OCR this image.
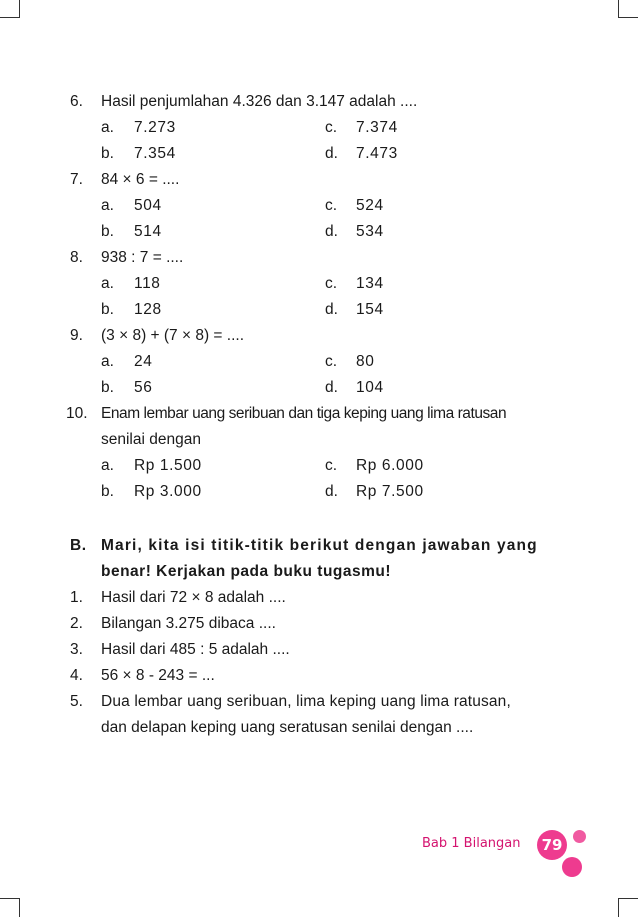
6. Hasil penjumlahan 4.326 dan 3.147 adalah ....
a. 7.273	c. 7.374
b. 7.354	d. 7.473
7. 84 × 6 = ....
a. 504	c. 524
b. 514	d. 534
8. 938 : 7 = ....
a. 118	c. 134
b. 128	d. 154
9. (3 × 8) + (7 × 8) = ....
a. 24	c. 80
b. 56	d. 104
10. Enam lembar uang seribuan dan tiga keping uang lima ratusan
senilai dengan
a. Rp 1.500	c. Rp 6.000
b. Rp 3.000	d. Rp 7.500
B. Mari, kita isi titik-titik berikut dengan jawaban yang
benar! Kerjakan pada buku tugasmu!
1. Hasil dari 72 × 8 adalah ....
2. Bilangan 3.275 dibaca ....
3. Hasil dari 485 : 5 adalah ....
4. 56 × 8 - 243 = ...
5. Dua lembar uang seribuan, lima keping uang lima ratusan,
dan delapan keping uang seratusan senilai dengan ....
Bab 1 Bilangan	79
